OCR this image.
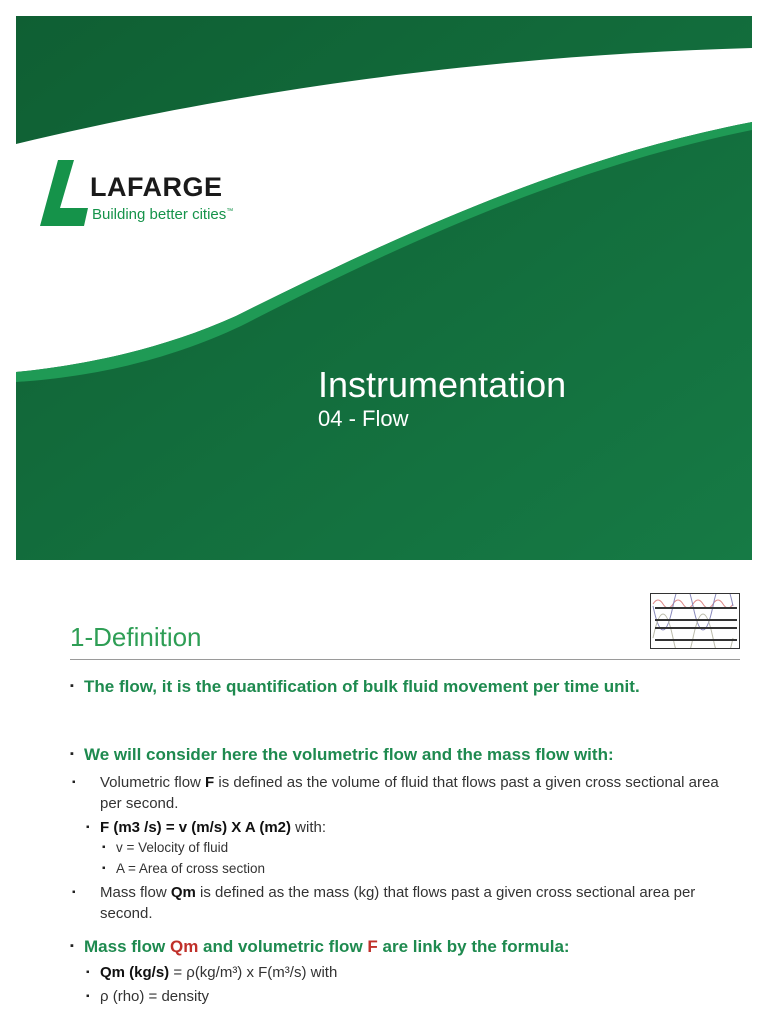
LAFARGE
Building better cities™
Instrumentation
04 - Flow
1-Definition
▪ The flow, it is the quantification of bulk fluid movement per time unit.
▪ We will consider here the volumetric flow and the mass flow with:
▪ Volumetric flow F is defined as the volume of fluid that flows past a given cross sectional area per second.
▪ F (m3 /s) = v (m/s) X A (m2) with:
▪ v = Velocity of fluid
▪ A = Area of cross section
▪ Mass flow Qm is defined as the mass (kg) that flows past a given cross sectional area per second.
▪ Mass flow Qm and volumetric flow F are link by the formula:
▪ Qm (kg/s) = ρ(kg/m³) x F(m³/s) with
▪ ρ (rho) = density
